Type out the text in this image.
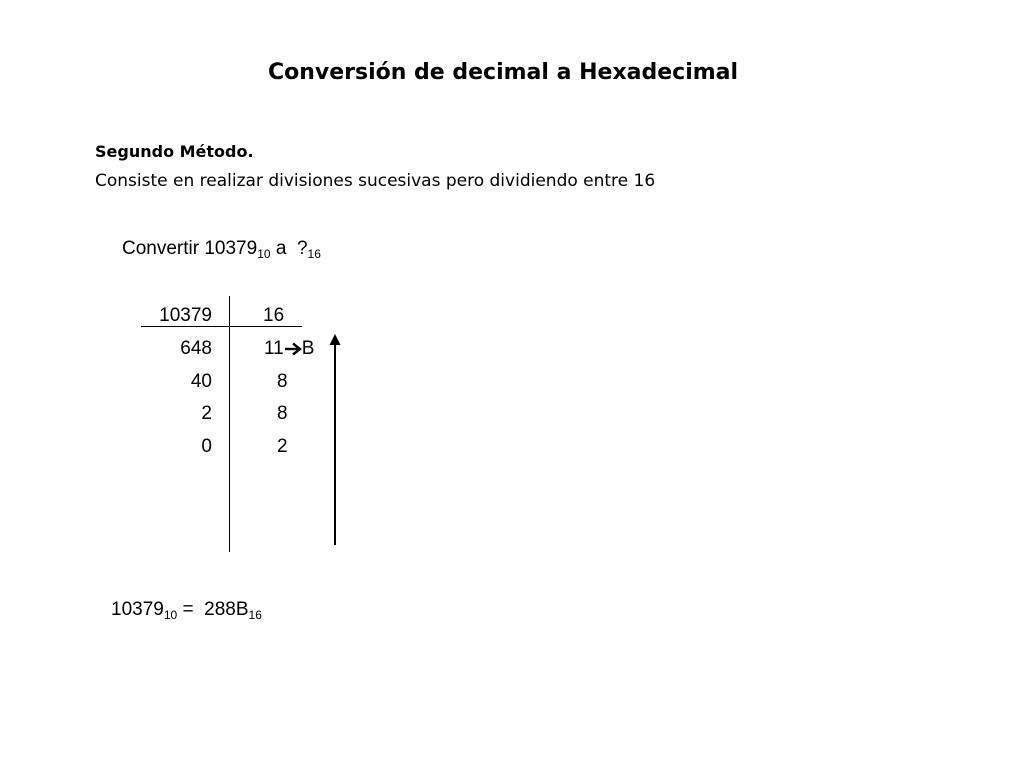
Conversión de decimal a Hexadecimal
Segundo Método.
Consiste en realizar divisiones sucesivas pero dividiendo entre 16
Convertir $10379_{10}$ a  $?_{16}$
10379
648
40
2
0
16
11 B
8
8
2
$10379_{10} = 288B_{16}$
